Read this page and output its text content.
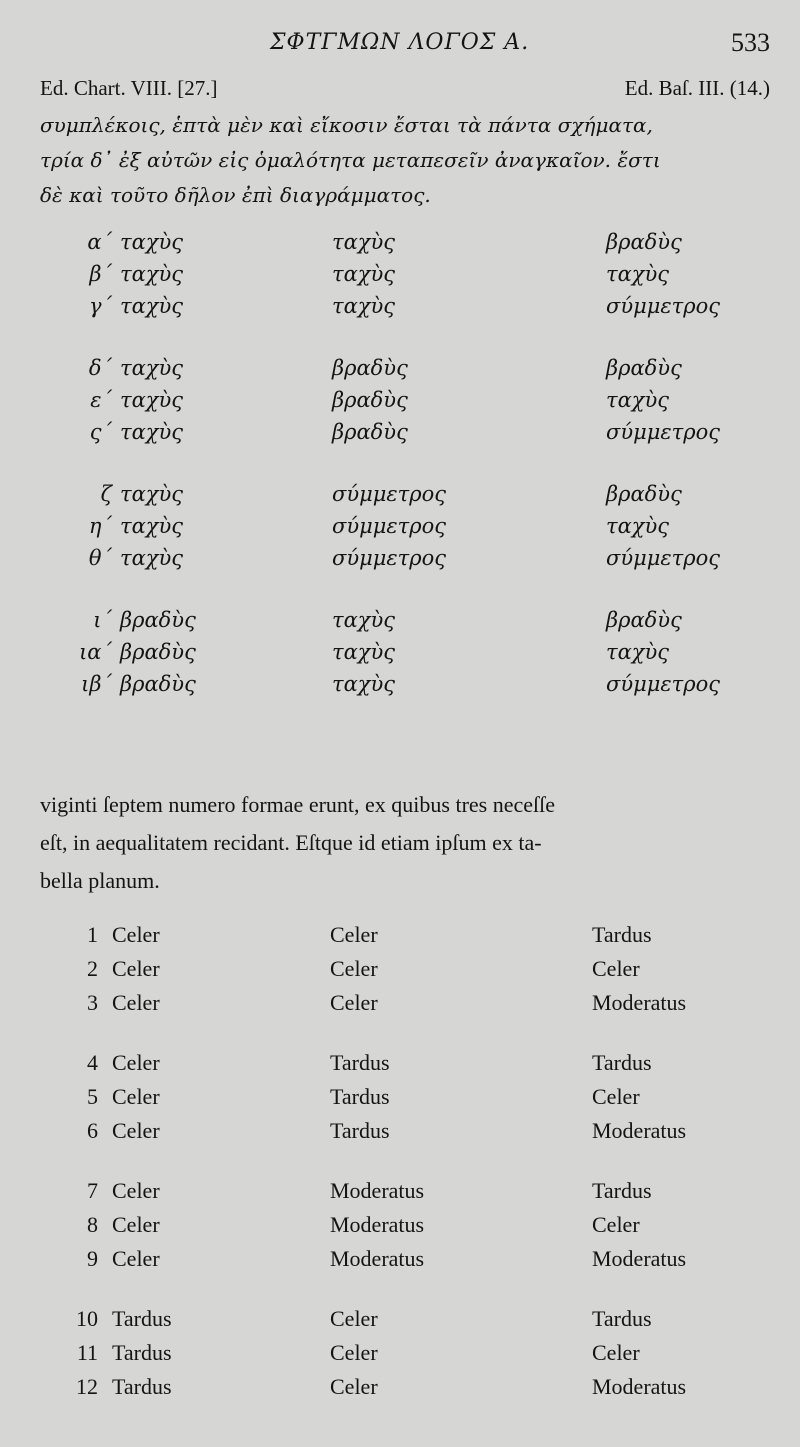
ΣΦΤΓΜΩΝ ΛΟΓΟΣ Α.	533
Ed. Chart. VIII. [27.]	Ed. Baſ. III. (14.)
συμπλέκοις, ἑπτὰ μὲν καὶ εἴκοσιν ἔσται τὰ πάντα σχήματα,
τρία δ᾽ ἐξ αὐτῶν εἰς ὁμαλότητα μεταπεσεῖν ἀναγκαῖον. ἔστι
δὲ καὶ τοῦτο δῆλον ἐπὶ διαγράμματος.
α´ ταχὺς	ταχὺς	βραδὺς
β´ ταχὺς	ταχὺς	ταχὺς
γ´ ταχὺς	ταχὺς	σύμμετρος
δ´ ταχὺς	βραδὺς	βραδὺς
ε´ ταχὺς	βραδὺς	ταχὺς
ς´ ταχὺς	βραδὺς	σύμμετρος
ζ ταχὺς	σύμμετρος	βραδὺς
η´ ταχὺς	σύμμετρος	ταχὺς
θ´ ταχὺς	σύμμετρος	σύμμετρος
ι´ βραδὺς	ταχὺς	βραδὺς
ια´ βραδὺς	ταχὺς	ταχὺς
ιβ´ βραδὺς	ταχὺς	σύμμετρος
viginti ſeptem numero formae erunt, ex quibus tres neceſſe
eſt, in aequalitatem recidant. Eſtque id etiam ipſum ex ta-
bella planum.
1 Celer	Celer	Tardus
2 Celer	Celer	Celer
3 Celer	Celer	Moderatus
4 Celer	Tardus	Tardus
5 Celer	Tardus	Celer
6 Celer	Tardus	Moderatus
7 Celer	Moderatus	Tardus
8 Celer	Moderatus	Celer
9 Celer	Moderatus	Moderatus
10 Tardus	Celer	Tardus
11 Tardus	Celer	Celer
12 Tardus	Celer	Moderatus
